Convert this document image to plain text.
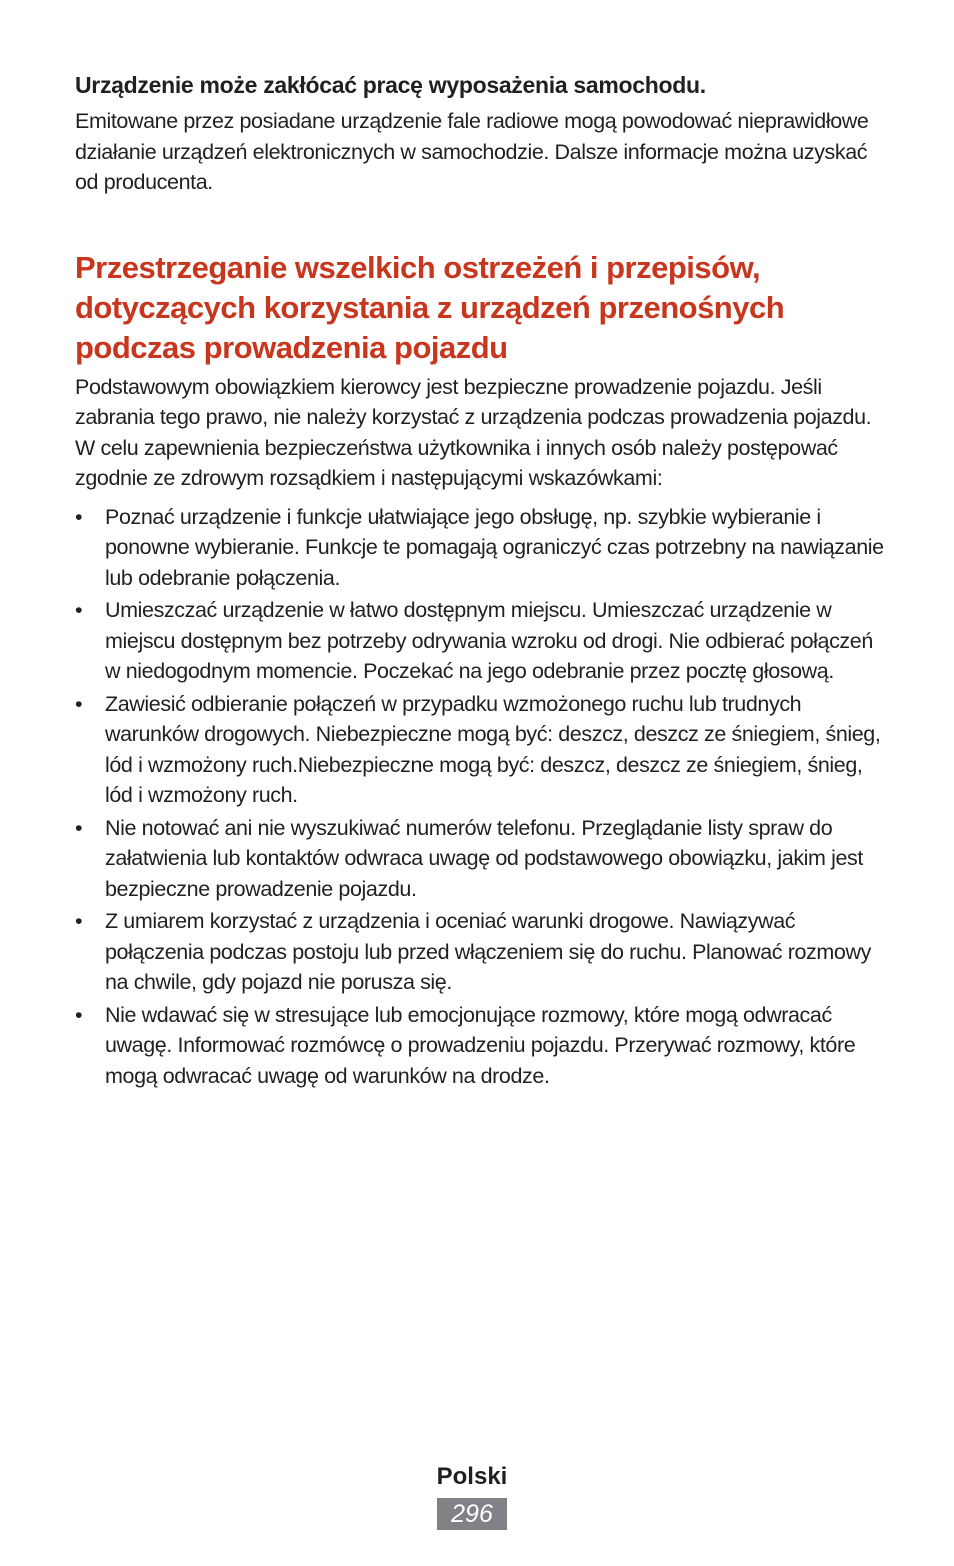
Urządzenie może zakłócać pracę wyposażenia samochodu.

Emitowane przez posiadane urządzenie fale radiowe mogą powodować nieprawidłowe działanie urządzeń elektronicznych w samochodzie. Dalsze informacje można uzyskać od producenta.

Przestrzeganie wszelkich ostrzeżeń i przepisów, dotyczących korzystania z urządzeń przenośnych podczas prowadzenia pojazdu

Podstawowym obowiązkiem kierowcy jest bezpieczne prowadzenie pojazdu. Jeśli zabrania tego prawo, nie należy korzystać z urządzenia podczas prowadzenia pojazdu. W celu zapewnienia bezpieczeństwa użytkownika i innych osób należy postępować zgodnie ze zdrowym rozsądkiem i następującymi wskazówkami:

• Poznać urządzenie i funkcje ułatwiające jego obsługę, np. szybkie wybieranie i ponowne wybieranie. Funkcje te pomagają ograniczyć czas potrzebny na nawiązanie lub odebranie połączenia.
• Umieszczać urządzenie w łatwo dostępnym miejscu. Umieszczać urządzenie w miejscu dostępnym bez potrzeby odrywania wzroku od drogi. Nie odbierać połączeń w niedogodnym momencie. Poczekać na jego odebranie przez pocztę głosową.
• Zawiesić odbieranie połączeń w przypadku wzmożonego ruchu lub trudnych warunków drogowych. Niebezpieczne mogą być: deszcz, deszcz ze śniegiem, śnieg, lód i wzmożony ruch.Niebezpieczne mogą być: deszcz, deszcz ze śniegiem, śnieg, lód i wzmożony ruch.
• Nie notować ani nie wyszukiwać numerów telefonu. Przeglądanie listy spraw do załatwienia lub kontaktów odwraca uwagę od podstawowego obowiązku, jakim jest bezpieczne prowadzenie pojazdu.
• Z umiarem korzystać z urządzenia i oceniać warunki drogowe. Nawiązywać połączenia podczas postoju lub przed włączeniem się do ruchu. Planować rozmowy na chwile, gdy pojazd nie porusza się.
• Nie wdawać się w stresujące lub emocjonujące rozmowy, które mogą odwracać uwagę. Informować rozmówcę o prowadzeniu pojazdu. Przerywać rozmowy, które mogą odwracać uwagę od warunków na drodze.
Polski
296
